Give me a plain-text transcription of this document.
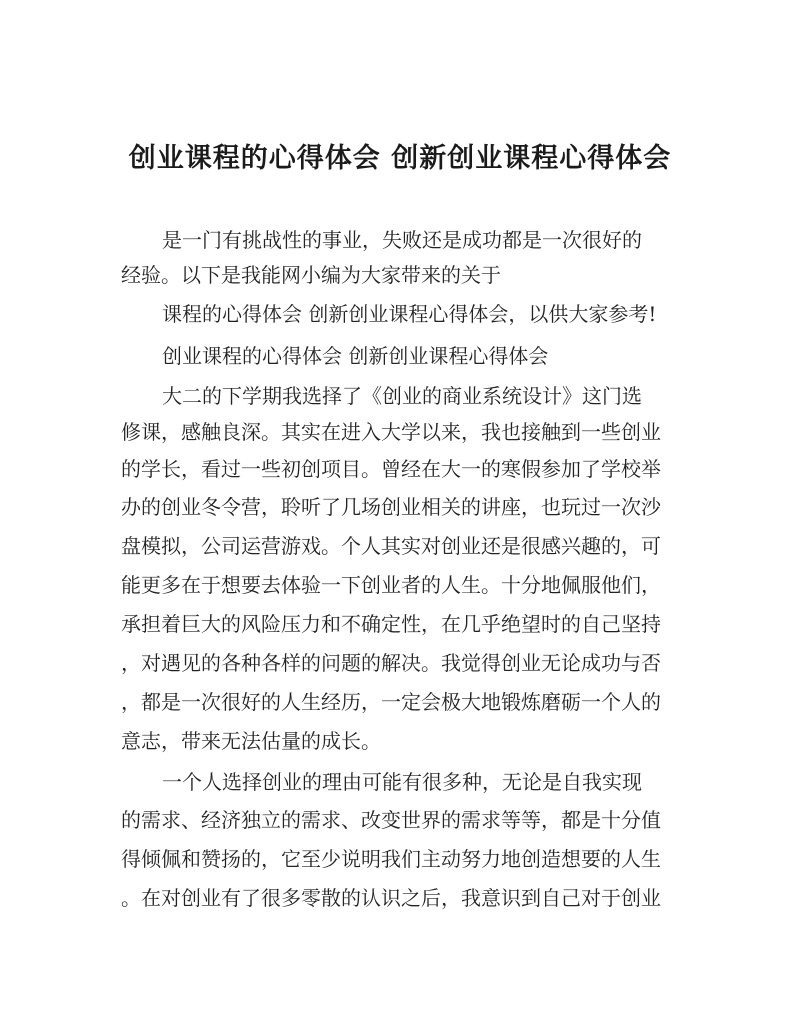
创业课程的心得体会 创新创业课程心得体会
是一门有挑战性的事业，失败还是成功都是一次很好的
经验。以下是我能网小编为大家带来的关于
课程的心得体会 创新创业课程心得体会，以供大家参考!
创业课程的心得体会 创新创业课程心得体会
大二的下学期我选择了《创业的商业系统设计》这门选
修课，感触良深。其实在进入大学以来，我也接触到一些创业
的学长，看过一些初创项目。曾经在大一的寒假参加了学校举
办的创业冬令营，聆听了几场创业相关的讲座，也玩过一次沙
盘模拟，公司运营游戏。个人其实对创业还是很感兴趣的，可
能更多在于想要去体验一下创业者的人生。十分地佩服他们，
承担着巨大的风险压力和不确定性，在几乎绝望时的自己坚持
，对遇见的各种各样的问题的解决。我觉得创业无论成功与否
，都是一次很好的人生经历，一定会极大地锻炼磨砺一个人的
意志，带来无法估量的成长。
一个人选择创业的理由可能有很多种，无论是自我实现
的需求、经济独立的需求、改变世界的需求等等，都是十分值
得倾佩和赞扬的，它至少说明我们主动努力地创造想要的人生
。在对创业有了很多零散的认识之后，我意识到自己对于创业
